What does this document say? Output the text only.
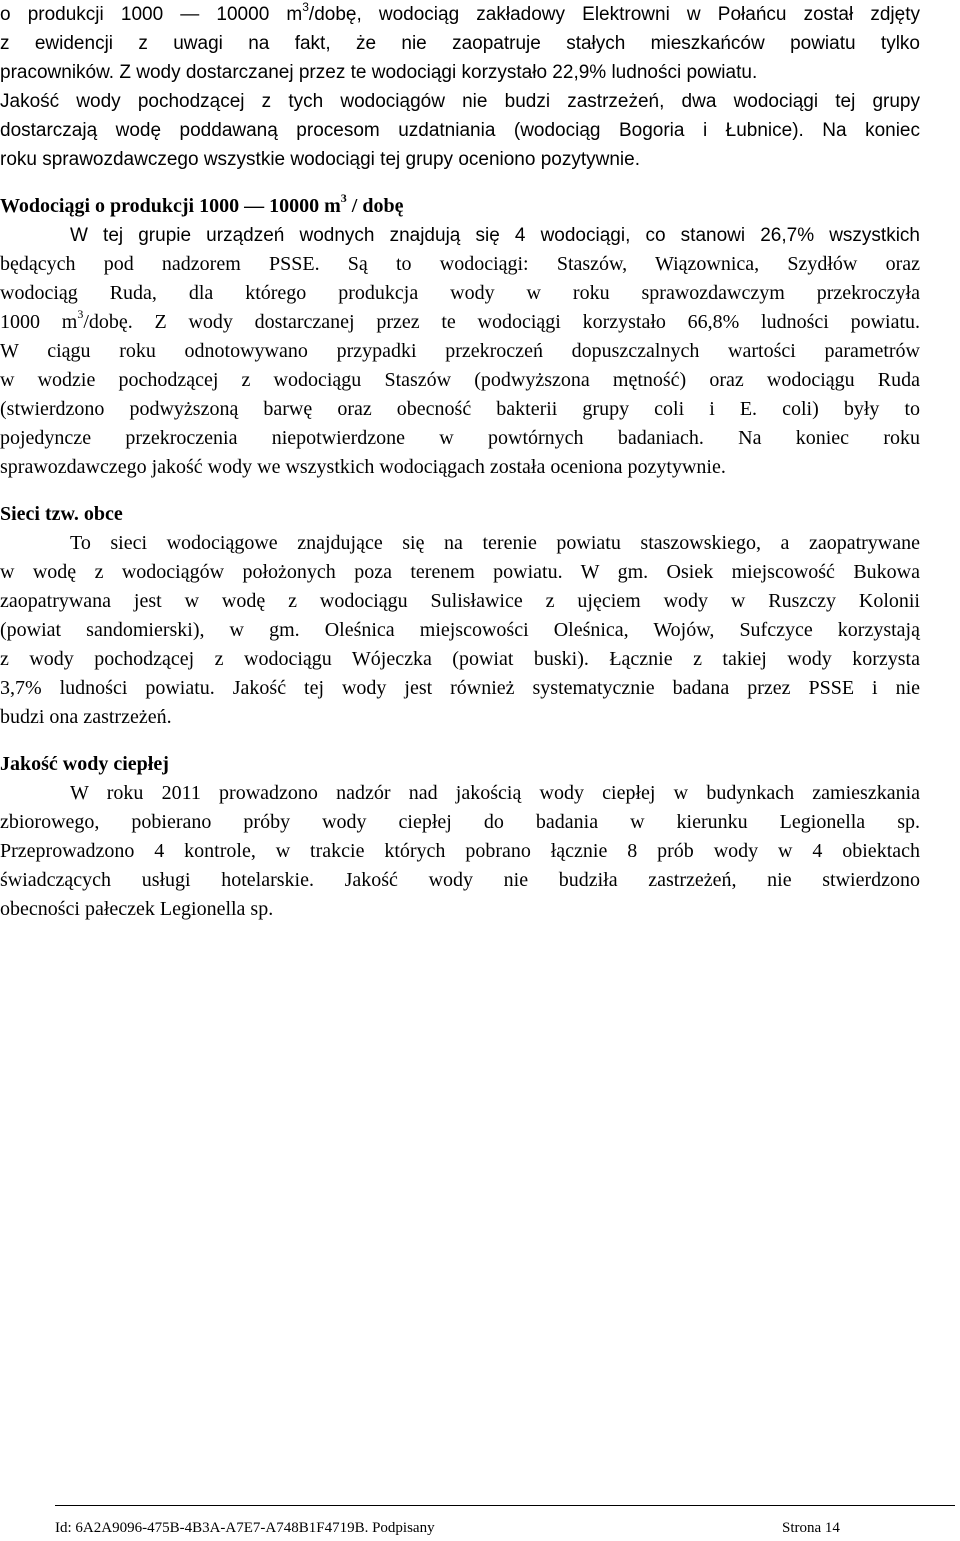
o produkcji 1000 — 10000 $m^3$/dobę, wodociąg zakładowy Elektrowni w Połańcu został zdjęty
z ewidencji z uwagi na fakt, że nie zaopatruje stałych mieszkańców powiatu tylko
pracowników. Z wody dostarczanej przez te wodociągi korzystało 22,9% ludności powiatu.
Jakość wody pochodzącej z tych wodociągów nie budzi zastrzeżeń, dwa wodociągi tej grupy
dostarczają wodę poddawaną procesom uzdatniania (wodociąg Bogoria i Łubnice). Na koniec
roku sprawozdawczego wszystkie wodociągi tej grupy oceniono pozytywnie.
Wodociągi o produkcji 1000 — 10000 $m^3$ / dobę
W tej grupie urządzeń wodnych znajdują się 4 wodociągi, co stanowi 26,7% wszystkich
będących pod nadzorem PSSE. Są to wodociągi: Staszów, Wiązownica, Szydłów oraz
wodociąg Ruda, dla którego produkcja wody w roku sprawozdawczym przekroczyła
1000 $m^3$/dobę. Z wody dostarczanej przez te wodociągi korzystało 66,8% ludności powiatu.
W ciągu roku odnotowywano przypadki przekroczeń dopuszczalnych wartości parametrów
w wodzie pochodzącej z wodociągu Staszów (podwyższona mętność) oraz wodociągu Ruda
(stwierdzono podwyższoną barwę oraz obecność bakterii grupy coli i E. coli) były to
pojedyncze przekroczenia niepotwierdzone w powtórnych badaniach. Na koniec roku
sprawozdawczego jakość wody we wszystkich wodociągach została oceniona pozytywnie.
Sieci tzw. obce
To sieci wodociągowe znajdujące się na terenie powiatu staszowskiego, a zaopatrywane
w wodę z wodociągów położonych poza terenem powiatu. W gm. Osiek miejscowość Bukowa
zaopatrywana jest w wodę z wodociągu Sulisławice z ujęciem wody w Ruszczy Kolonii
(powiat sandomierski), w gm. Oleśnica miejscowości Oleśnica, Wojów, Sufczyce korzystają
z wody pochodzącej z wodociągu Wójeczka (powiat buski). Łącznie z takiej wody korzysta
3,7% ludności powiatu. Jakość tej wody jest również systematycznie badana przez PSSE i nie
budzi ona zastrzeżeń.
Jakość wody ciepłej
W roku 2011 prowadzono nadzór nad jakością wody ciepłej w budynkach zamieszkania
zbiorowego, pobierano próby wody ciepłej do badania w kierunku Legionella sp.
Przeprowadzono 4 kontrole, w trakcie których pobrano łącznie 8 prób wody w 4 obiektach
świadczących usługi hotelarskie. Jakość wody nie budziła zastrzeżeń, nie stwierdzono
obecności pałeczek Legionella sp.
Id: 6A2A9096-475B-4B3A-A7E7-A748B1F4719B. Podpisany	Strona 14
